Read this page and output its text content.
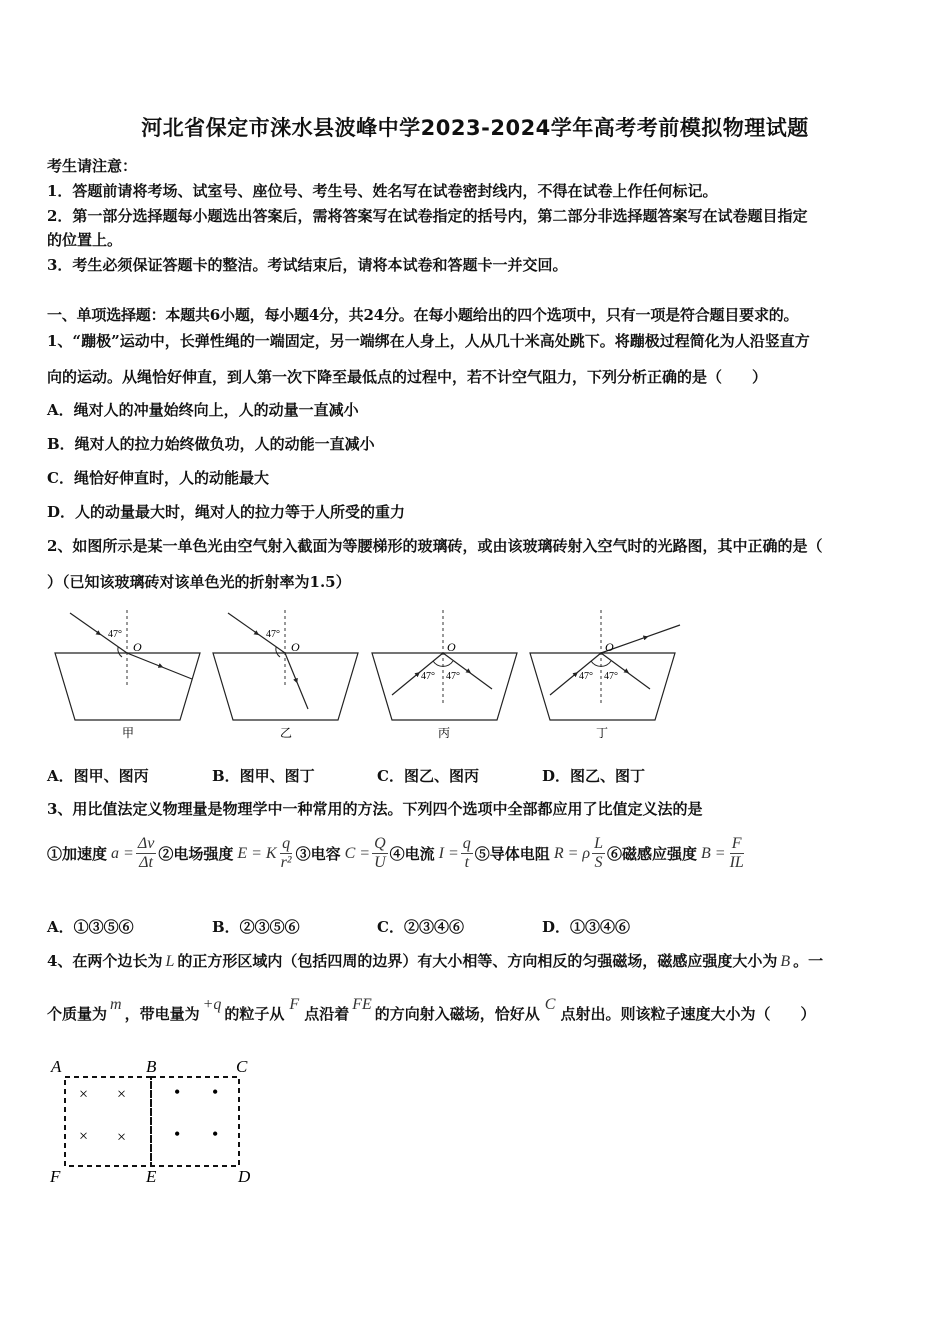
河北省保定市涞水县波峰中学2023-2024学年高考考前模拟物理试题
考生请注意：
1．答题前请将考场、试室号、座位号、考生号、姓名写在试卷密封线内，不得在试卷上作任何标记。
2．第一部分选择题每小题选出答案后，需将答案写在试卷指定的括号内，第二部分非选择题答案写在试卷题目指定
的位置上。
3．考生必须保证答题卡的整洁。考试结束后，请将本试卷和答题卡一并交回。
一、单项选择题：本题共6小题，每小题4分，共24分。在每小题给出的四个选项中，只有一项是符合题目要求的。
1、“蹦极”运动中，长弹性绳的一端固定，另一端绑在人身上，人从几十米高处跳下。将蹦极过程简化为人沿竖直方
向的运动。从绳恰好伸直，到人第一次下降至最低点的过程中，若不计空气阻力，下列分析正确的是（　　）
A．绳对人的冲量始终向上，人的动量一直减小
B．绳对人的拉力始终做负功，人的动能一直减小
C．绳恰好伸直时，人的动能最大
D．人的动量最大时，绳对人的拉力等于人所受的重力
2、如图所示是某一单色光由空气射入截面为等腰梯形的玻璃砖，或由该玻璃砖射入空气时的光路图，其中正确的是（
）（已知该玻璃砖对该单色光的折射率为1.5）
47°
O
甲
47°
O
乙
47° 47°
O
丙
47° 47°
O
丁
A．图甲、图丙	B．图甲、图丁	C．图乙、图丙	D．图乙、图丁
3、用比值法定义物理量是物理学中一种常用的方法。下列四个选项中全部都应用了比值定义法的是
①加速度 $a = \frac{\Delta v}{\Delta t}$ ②电场强度 E = K $\frac{q}{\text{r²}}$ ③电容 $C = \frac{Q}{U}$ ④电流 $I = \frac{q}{t}$ ⑤导体电阻 R = ρ $\frac{L}{S}$ ⑥磁感应强度 $B = \frac{F}{IL}$
A．①③⑤⑥	B．②③⑤⑥	C．②③④⑥	D．①③④⑥
4、在两个边长为 L 的正方形区域内（包括四周的边界）有大小相等、方向相反的匀强磁场，磁感应强度大小为 B 。一
个质量为m，带电量为+q的粒子从F点沿着FE的方向射入磁场，恰好从C点射出。则该粒子速度大小为（　　）
A	B	C
F	E	D
× ×
× ×
• •
• •
